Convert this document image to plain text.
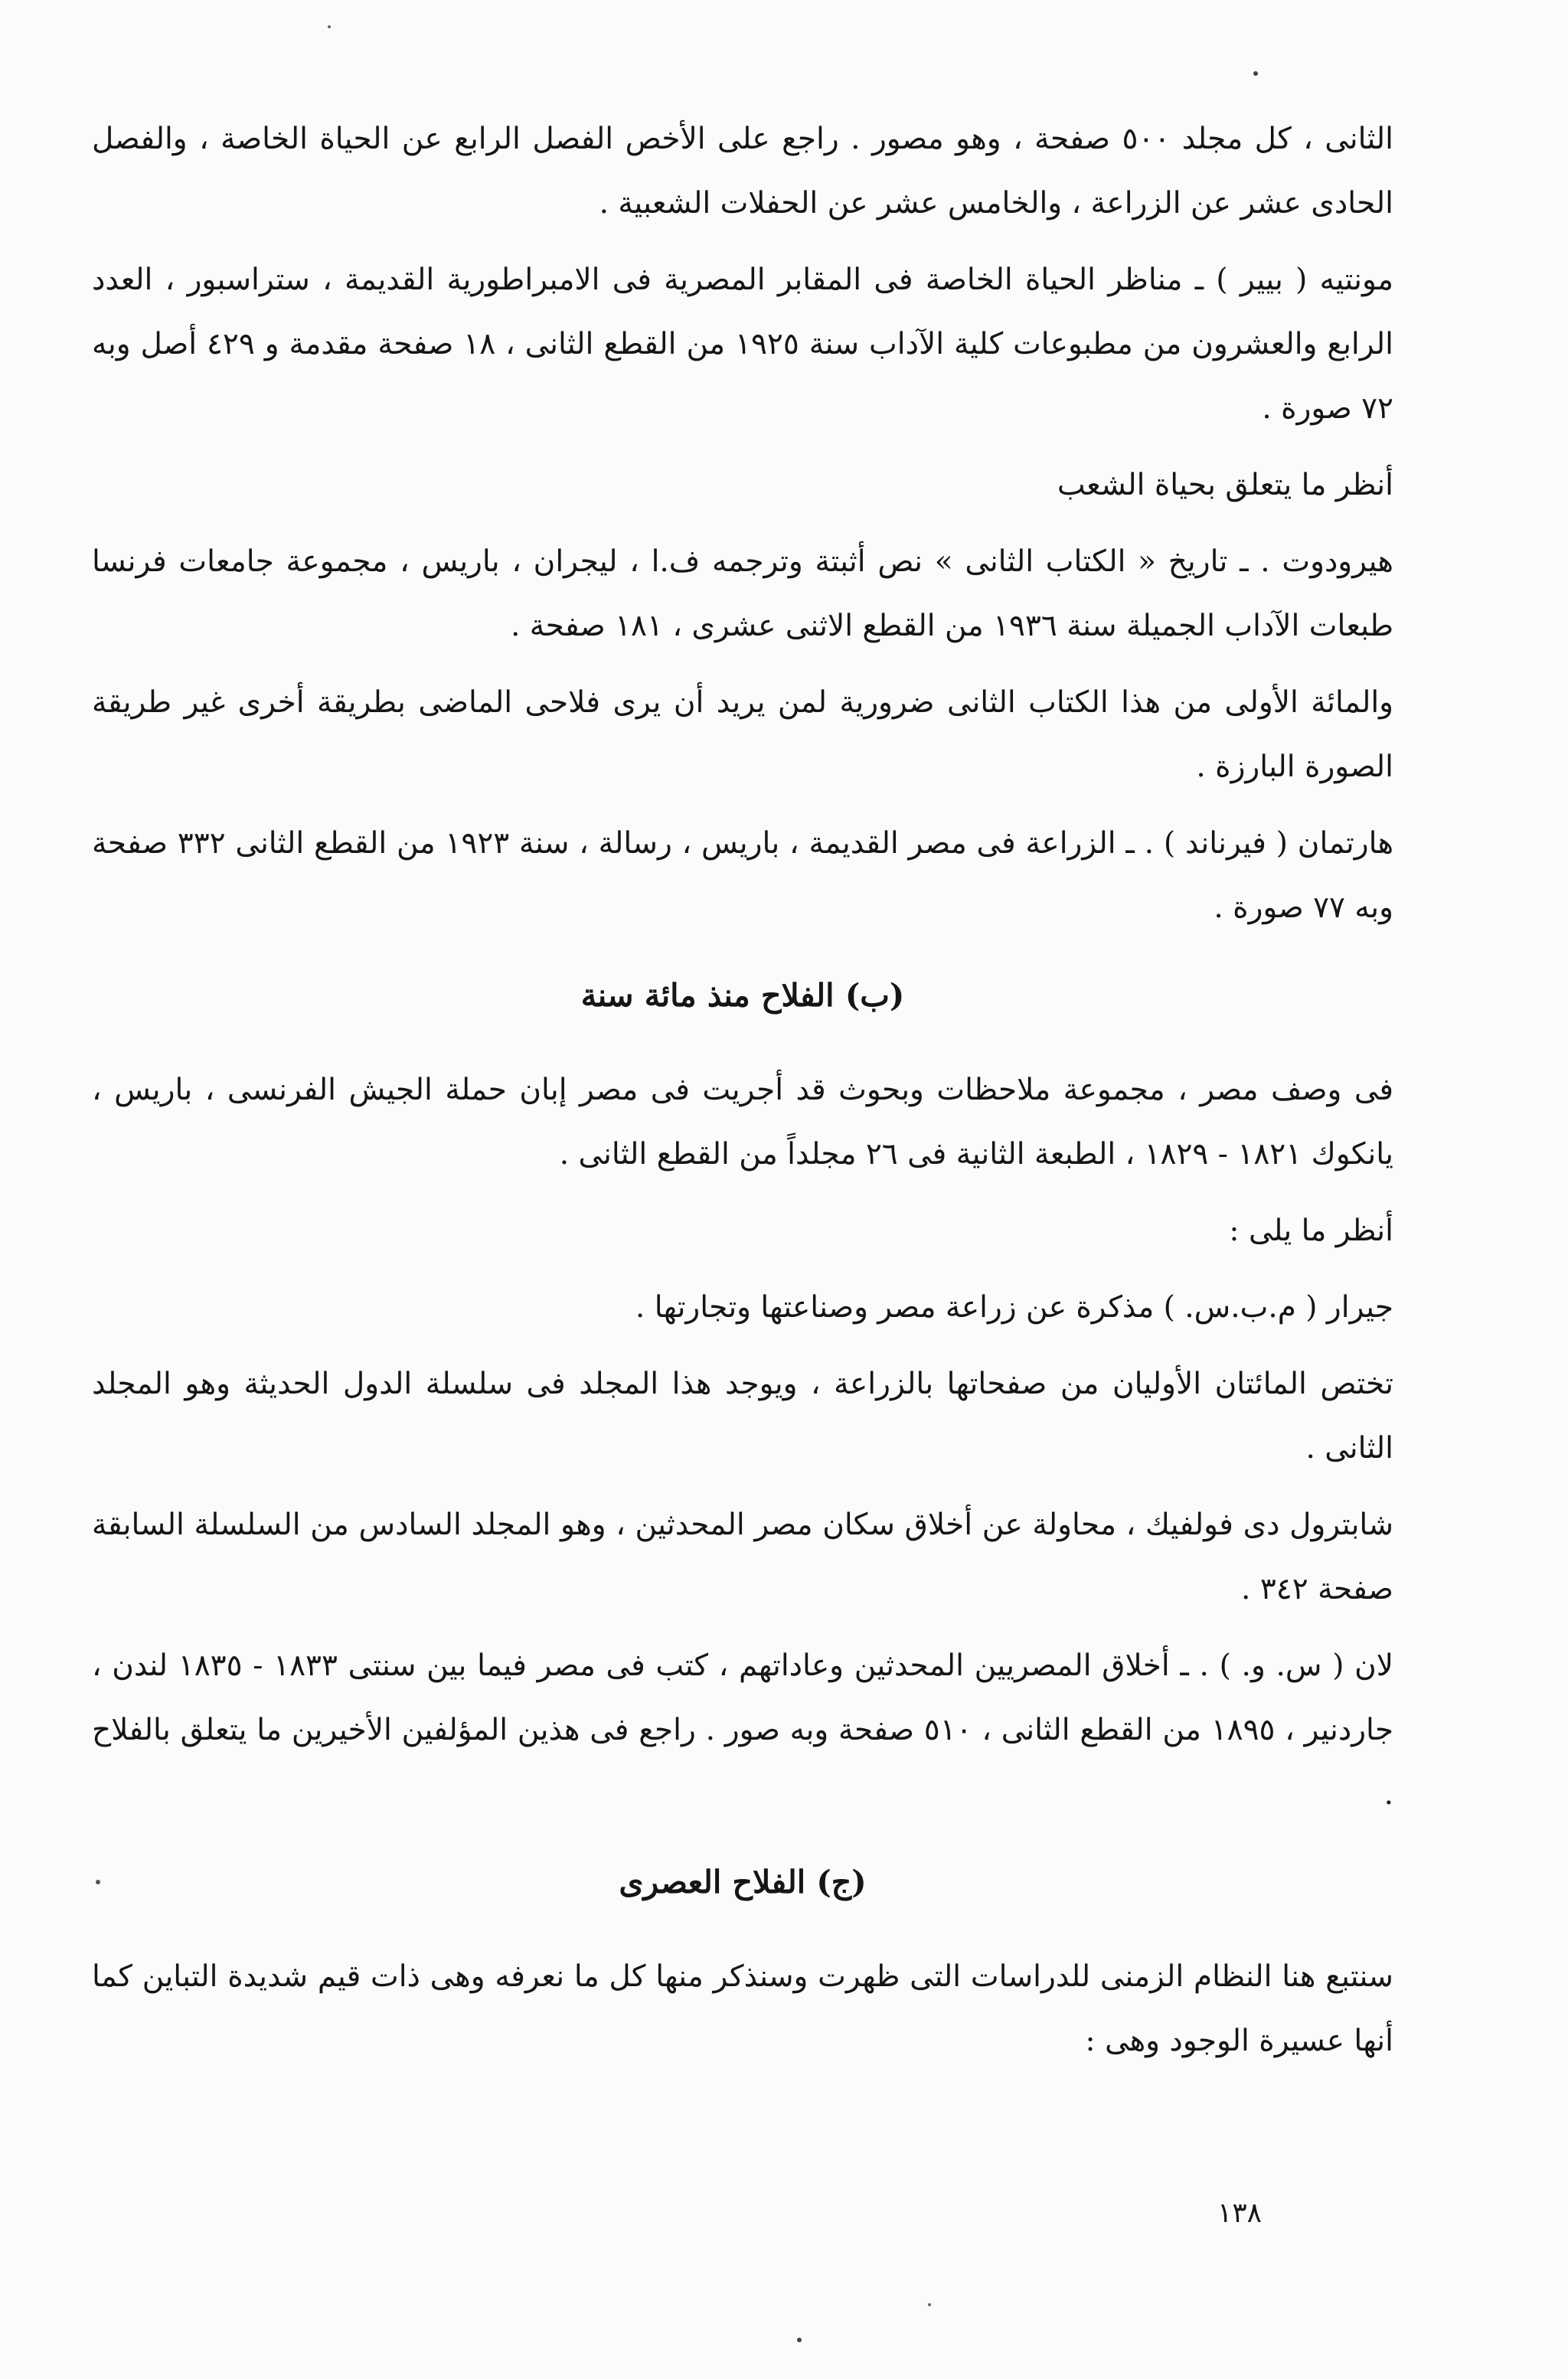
الثانى ، كل مجلد ٥٠٠ صفحة ، وهو مصور . راجع على الأخص الفصل الرابع عن الحياة الخاصة ، والفصل الحادى عشر عن الزراعة ، والخامس عشر عن الحفلات الشعبية .

مونتيه ( بيير ) ـ مناظر الحياة الخاصة فى المقابر المصرية فى الامبراطورية القديمة ، ستراسبور ، العدد الرابع والعشرون من مطبوعات كلية الآداب سنة ١٩٢٥ من القطع الثانى ، ١٨ صفحة مقدمة و ٤٢٩ أصل وبه ٧٢ صورة .

أنظر ما يتعلق بحياة الشعب

هيرودوت . ـ تاريخ « الكتاب الثانى » نص أثبتة وترجمه ف.ا ، ليجران ، باريس ، مجموعة جامعات فرنسا طبعات الآداب الجميلة سنة ١٩٣٦ من القطع الاثنى عشرى ، ١٨١ صفحة .

والمائة الأولى من هذا الكتاب الثانى ضرورية لمن يريد أن يرى فلاحى الماضى بطريقة أخرى غير طريقة الصورة البارزة .

هارتمان ( فيرناند ) . ـ الزراعة فى مصر القديمة ، باريس ، رسالة ، سنة ١٩٢٣ من القطع الثانى ٣٣٢ صفحة وبه ٧٧ صورة .

(ب) الفلاح منذ مائة سنة

فى وصف مصر ، مجموعة ملاحظات وبحوث قد أجريت فى مصر إبان حملة الجيش الفرنسى ، باريس ، يانكوك ١٨٢١ - ١٨٢٩ ، الطبعة الثانية فى ٢٦ مجلداً من القطع الثانى .

أنظر ما يلى :

جيرار ( م.ب.س. ) مذكرة عن زراعة مصر وصناعتها وتجارتها .

تختص المائتان الأوليان من صفحاتها بالزراعة ، ويوجد هذا المجلد فى سلسلة الدول الحديثة وهو المجلد الثانى .

شابترول دى فولفيك ، محاولة عن أخلاق سكان مصر المحدثين ، وهو المجلد السادس من السلسلة السابقة صفحة ٣٤٢ .

لان ( س. و. ) . ـ أخلاق المصريين المحدثين وعاداتهم ، كتب فى مصر فيما بين سنتى ١٨٣٣ - ١٨٣٥ لندن ، جاردنير ، ١٨٩٥ من القطع الثانى ، ٥١٠ صفحة وبه صور . راجع فى هذين المؤلفين الأخيرين ما يتعلق بالفلاح .

(ج) الفلاح العصرى

سنتبع هنا النظام الزمنى للدراسات التى ظهرت وسنذكر منها كل ما نعرفه وهى ذات قيم شديدة التباين كما أنها عسيرة الوجود وهى :

١٣٨
